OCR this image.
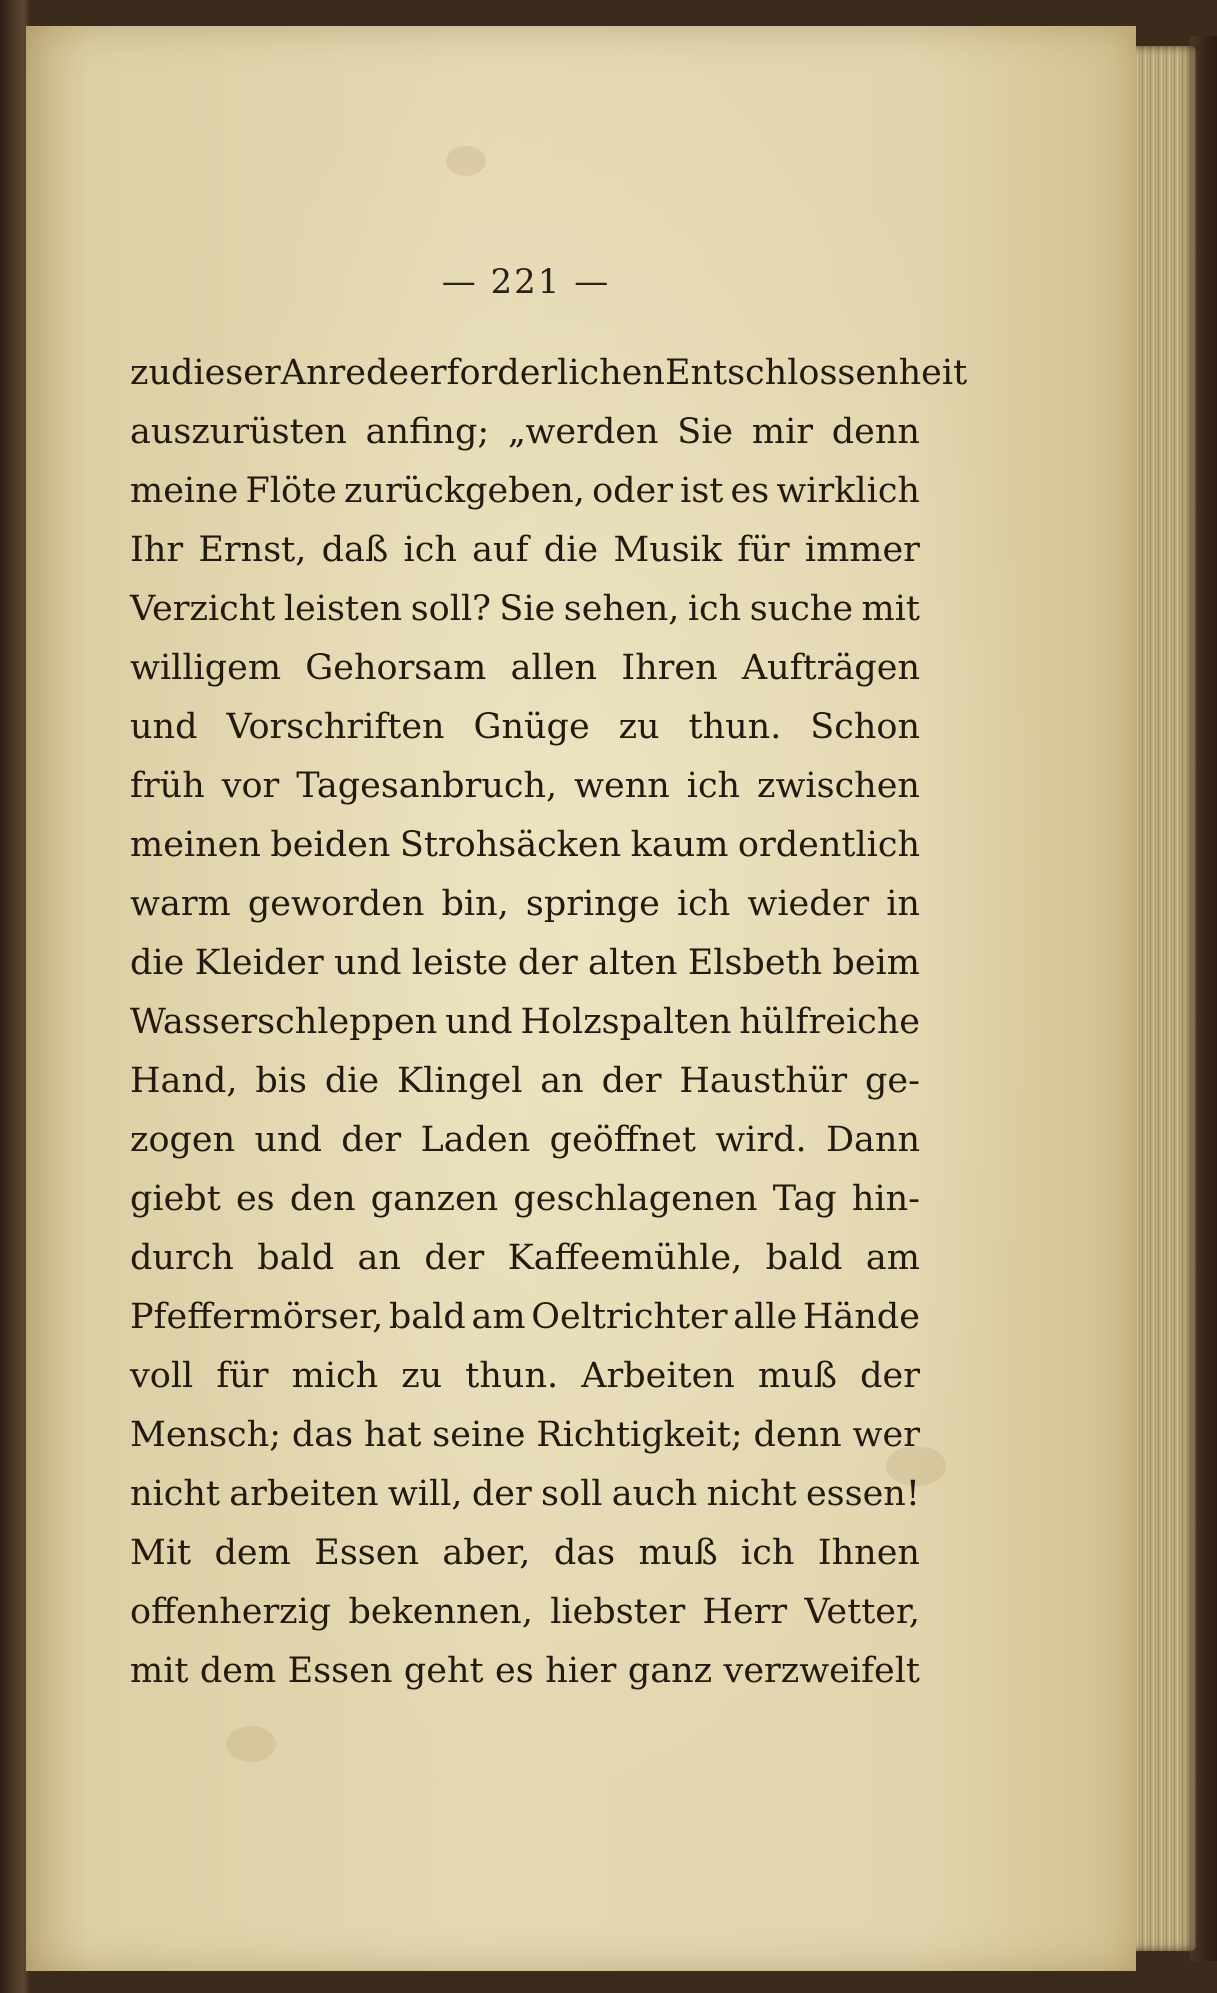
— 221 —
zu dieser Anrede erforderlichen Entschlossenheit
auszurüsten anfing; „werden Sie mir denn
meine Flöte zurückgeben, oder ist es wirklich
Ihr Ernst, daß ich auf die Musik für immer
Verzicht leisten soll? Sie sehen, ich suche mit
willigem Gehorsam allen Ihren Aufträgen
und Vorschriften Gnüge zu thun. Schon
früh vor Tagesanbruch, wenn ich zwischen
meinen beiden Strohsäcken kaum ordentlich
warm geworden bin, springe ich wieder in
die Kleider und leiste der alten Elsbeth beim
Wasserschleppen und Holzspalten hülfreiche
Hand, bis die Klingel an der Hausthür ge-
zogen und der Laden geöffnet wird. Dann
giebt es den ganzen geschlagenen Tag hin-
durch bald an der Kaffeemühle, bald am
Pfeffermörser, bald am Oeltrichter alle Hände
voll für mich zu thun. Arbeiten muß der
Mensch; das hat seine Richtigkeit; denn wer
nicht arbeiten will, der soll auch nicht essen!
Mit dem Essen aber, das muß ich Ihnen
offenherzig bekennen, liebster Herr Vetter,
mit dem Essen geht es hier ganz verzweifelt
